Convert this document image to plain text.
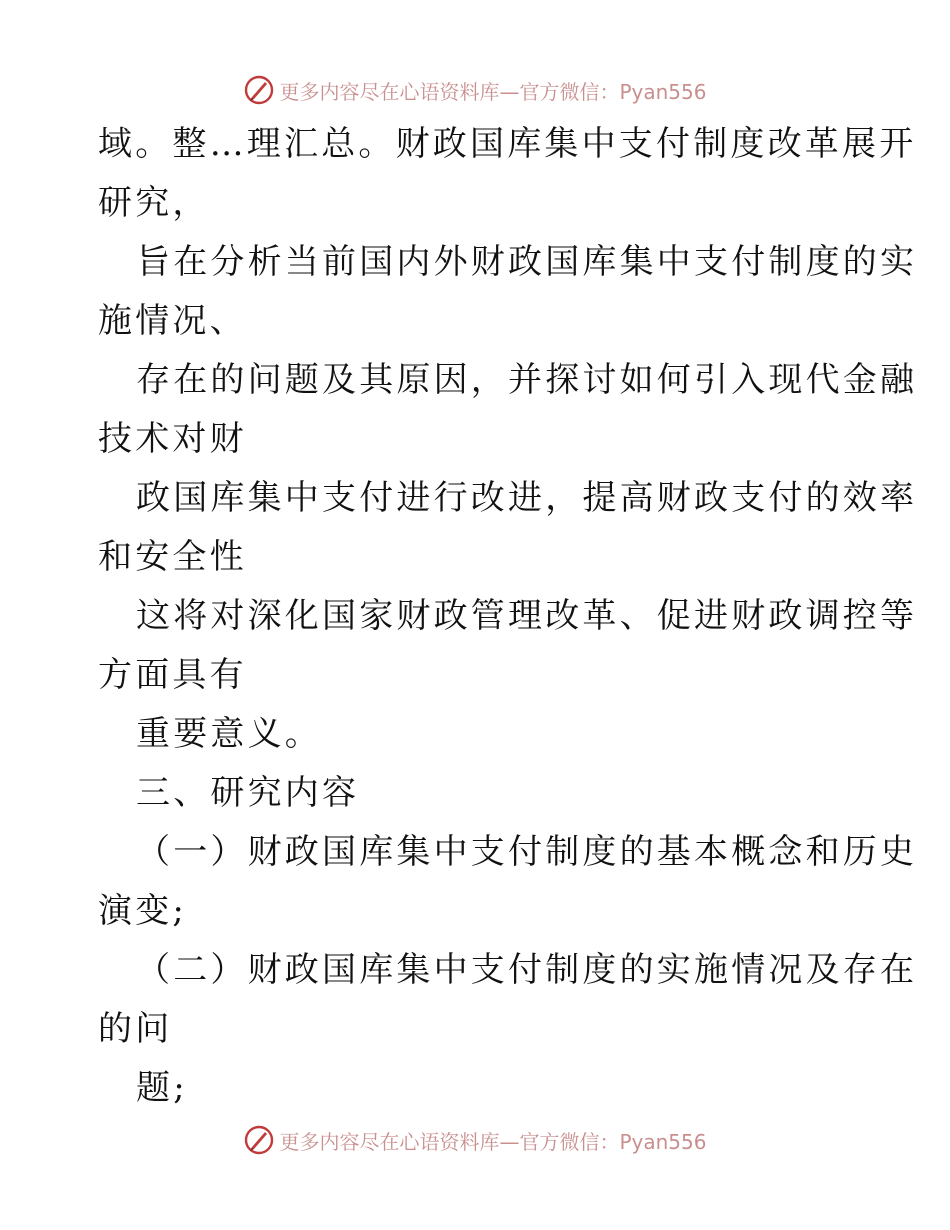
更多内容尽在心语资料库—官方微信：Pyan556
域。整…理汇总。财政国库集中支付制度改革展开
研究，
旨在分析当前国内外财政国库集中支付制度的实
施情况、
存在的问题及其原因，并探讨如何引入现代金融
技术对财
政国库集中支付进行改进，提高财政支付的效率
和安全性
这将对深化国家财政管理改革、促进财政调控等
方面具有
重要意义。
三、研究内容
（一）财政国库集中支付制度的基本概念和历史
演变;
（二）财政国库集中支付制度的实施情况及存在
的问
题;
更多内容尽在心语资料库—官方微信：Pyan556
